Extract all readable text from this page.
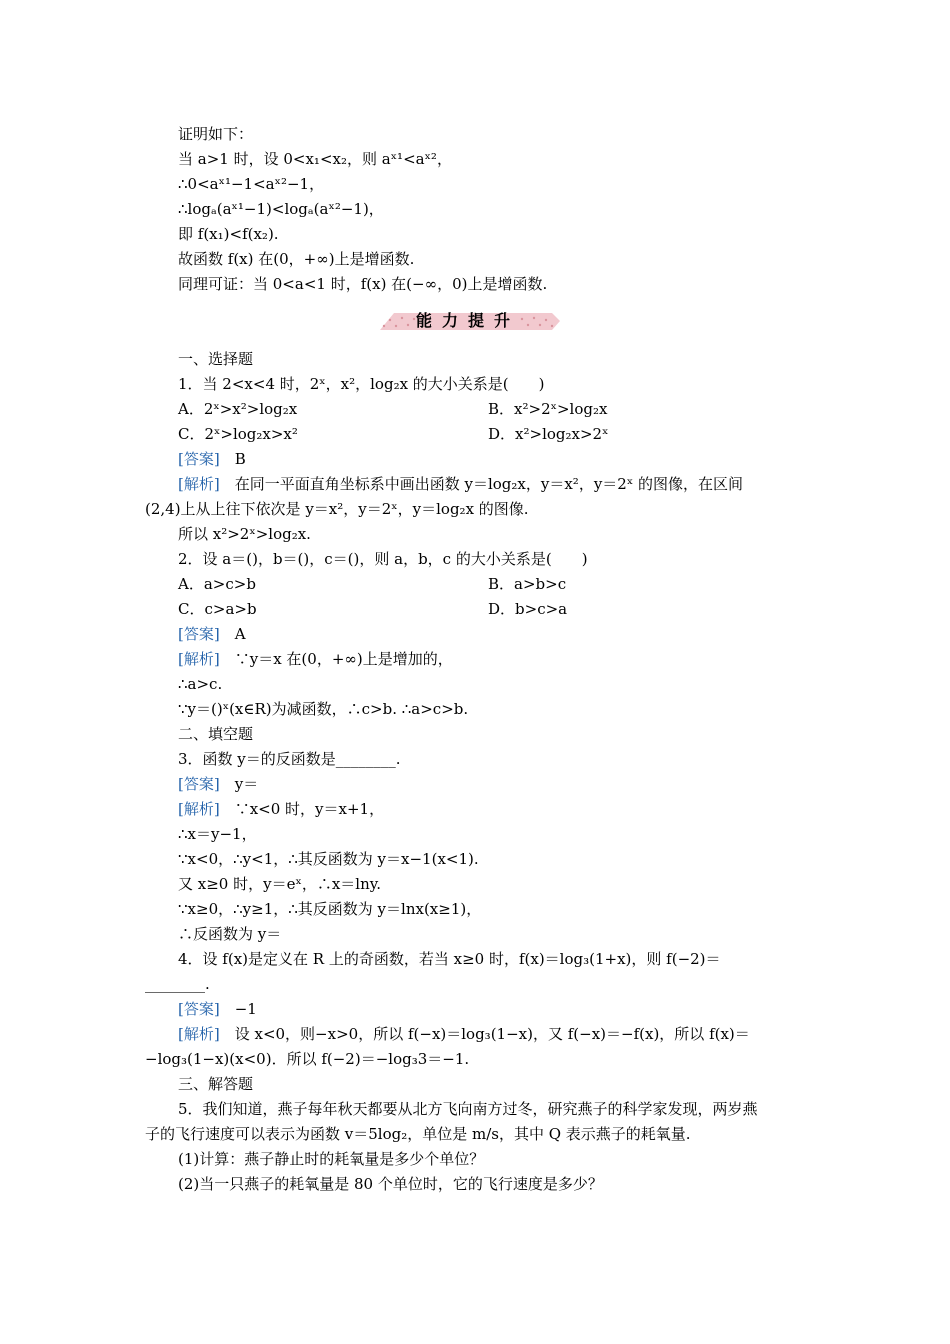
证明如下：
当 a>1 时，设 0<x₁<x₂，则 aˣ¹<aˣ²，
∴0<aˣ¹−1<aˣ²−1，
∴logₐ(aˣ¹−1)<logₐ(aˣ²−1)，
即 f(x₁)<f(x₂).
故函数 f(x) 在(0，+∞)上是增函数.
同理可证：当 0<a<1 时，f(x) 在(−∞，0)上是增函数.
能力提升
一、选择题
1．当 2<x<4 时，2ˣ，x²，log₂x 的大小关系是(　　)
A．2ˣ>x²>log₂x	B．x²>2ˣ>log₂x
C．2ˣ>log₂x>x²	D．x²>log₂x>2ˣ
[答案]　B
[解析]　在同一平面直角坐标系中画出函数 y＝log₂x，y＝x²，y＝2ˣ 的图像，在区间
(2,4)上从上往下依次是 y＝x²，y＝2ˣ，y＝log₂x 的图像.
所以 x²>2ˣ>log₂x.
2．设 a＝()，b＝()，c＝()，则 a，b，c 的大小关系是(　　)
A．a>c>b	B．a>b>c
C．c>a>b	D．b>c>a
[答案]　A
[解析]　∵y＝x 在(0，+∞)上是增加的，
∴a>c.
∵y＝()ˣ(x∈R)为减函数，∴c>b. ∴a>c>b.
二、填空题
3．函数 y＝的反函数是________.
[答案]　y＝
[解析]　∵x<0 时，y＝x+1，
∴x＝y−1，
∵x<0，∴y<1，∴其反函数为 y＝x−1(x<1).
又 x≥0 时，y＝eˣ，∴x＝lny.
∵x≥0，∴y≥1，∴其反函数为 y＝lnx(x≥1)，
∴反函数为 y＝
4．设 f(x)是定义在 R 上的奇函数，若当 x≥0 时，f(x)＝log₃(1+x)，则 f(−2)＝
________.
[答案]　−1
[解析]　设 x<0，则−x>0，所以 f(−x)＝log₃(1−x)，又 f(−x)＝−f(x)，所以 f(x)＝
−log₃(1−x)(x<0)．所以 f(−2)＝−log₃3＝−1.
三、解答题
5．我们知道，燕子每年秋天都要从北方飞向南方过冬，研究燕子的科学家发现，两岁燕
子的飞行速度可以表示为函数 v＝5log₂，单位是 m/s，其中 Q 表示燕子的耗氧量.
(1)计算：燕子静止时的耗氧量是多少个单位？
(2)当一只燕子的耗氧量是 80 个单位时，它的飞行速度是多少？
